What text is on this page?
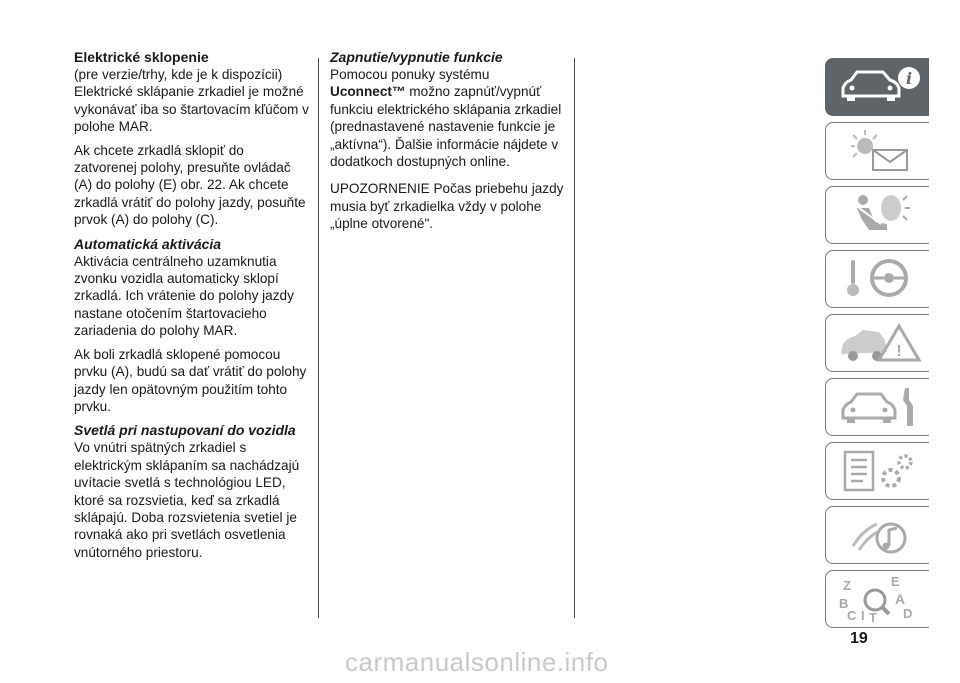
Elektrické sklopenie

(pre verzie/trhy, kde je k dispozícii) Elektrické sklápanie zrkadiel je možné vykonávať iba so štartovacím kľúčom v polohe MAR.

Ak chcete zrkadlá sklopiť do zatvorenej polohy, presuňte ovládač (A) do polohy (E) obr. 22. Ak chcete zrkadlá vrátiť do polohy jazdy, posuňte prvok (A) do polohy (C).

Automatická aktivácia

Aktivácia centrálneho uzamknutia zvonku vozidla automaticky sklopí zrkadlá. Ich vrátenie do polohy jazdy nastane otočením štartovacieho zariadenia do polohy MAR.

Ak boli zrkadlá sklopené pomocou prvku (A), budú sa dať vrátiť do polohy jazdy len opätovným použitím tohto prvku.

Svetlá pri nastupovaní do vozidla

Vo vnútri spätných zrkadiel s elektrickým sklápaním sa nachádzajú uvítacie svetlá s technológiou LED, ktoré sa rozsvietia, keď sa zrkadlá sklápajú. Doba rozsvietenia svetiel je rovnaká ako pri svetlách osvetlenia vnútorného priestoru.

Zapnutie/vypnutie funkcie

Pomocou ponuky systému
Uconnect™ možno zapnúť/vypnúť funkciu elektrického sklápania zrkadiel (prednastavené nastavenie funkcie je „aktívna“). Ďalšie informácie nájdete v dodatkoch dostupných online.

UPOZORNENIE Počas priebehu jazdy musia byť zrkadielka vždy v polohe „úplne otvorené".

i
!
Z	E
B	A
C T D
I
19
carmanualsonline.info
